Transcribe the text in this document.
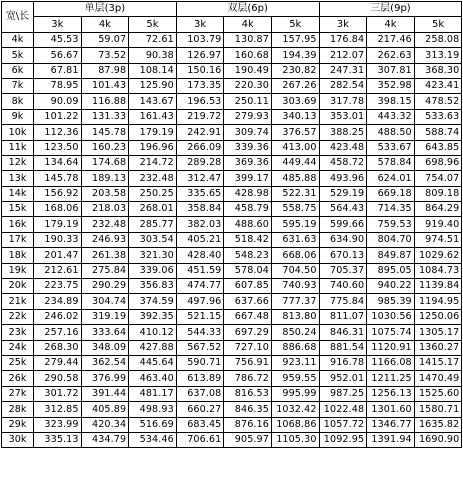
宽\长	单层(3p)			双层(6p)			三层(9p)		
	3k	4k	5k	3k	4k	5k	3k	4k	5k
4k	45.53	59.07	72.61	103.79	130.87	157.95	176.84	217.46	258.08
5k	56.67	73.52	90.38	126.97	160.68	194.39	212.07	262.63	313.19
6k	67.81	87.98	108.14	150.16	190.49	230.82	247.31	307.81	368.30
7k	78.95	101.43	125.90	173.35	220.30	267.26	282.54	352.98	423.41
8k	90.09	116.88	143.67	196.53	250.11	303.69	317.78	398.15	478.52
9k	101.22	131.33	161.43	219.72	279.93	340.13	353.01	443.32	533.63
10k	112.36	145.78	179.19	242.91	309.74	376.57	388.25	488.50	588.74
11k	123.50	160.23	196.96	266.09	339.36	413.00	423.48	533.67	643.85
12k	134.64	174.68	214.72	289.28	369.36	449.44	458.72	578.84	698.96
13k	145.78	189.13	232.48	312.47	399.17	485.88	493.96	624.01	754.07
14k	156.92	203.58	250.25	335.65	428.98	522.31	529.19	669.18	809.18
15k	168.06	218.03	268.01	358.84	458.79	558.75	564.43	714.35	864.29
16k	179.19	232.48	285.77	382.03	488.60	595.19	599.66	759.53	919.40
17k	190.33	246.93	303.54	405.21	518.42	631.63	634.90	804.70	974.51
18k	201.47	261.38	321.30	428.40	548.23	668.06	670.13	849.87	1029.62
19k	212.61	275.84	339.06	451.59	578.04	704.50	705.37	895.05	1084.73
20k	223.75	290.29	356.83	474.77	607.85	740.93	740.60	940.22	1139.84
21k	234.89	304.74	374.59	497.96	637.66	777.37	775.84	985.39	1194.95
22k	246.02	319.19	392.35	521.15	667.48	813.80	811.07	1030.56	1250.06
23k	257.16	333.64	410.12	544.33	697.29	850.24	846.31	1075.74	1305.17
24k	268.30	348.09	427.88	567.52	727.10	886.68	881.54	1120.91	1360.27
25k	279.44	362.54	445.64	590.71	756.91	923.11	916.78	1166.08	1415.17
26k	290.58	376.99	463.40	613.89	786.72	959.55	952.01	1211.25	1470.49
27k	301.72	391.44	481.17	637.08	816.53	995.99	987.25	1256.13	1525.60
28k	312.85	405.89	498.93	660.27	846.35	1032.42	1022.48	1301.60	1580.71
29k	323.99	420.34	516.69	683.45	876.16	1068.86	1057.72	1346.77	1635.82
30k	335.13	434.79	534.46	706.61	905.97	1105.30	1092.95	1391.94	1690.90
